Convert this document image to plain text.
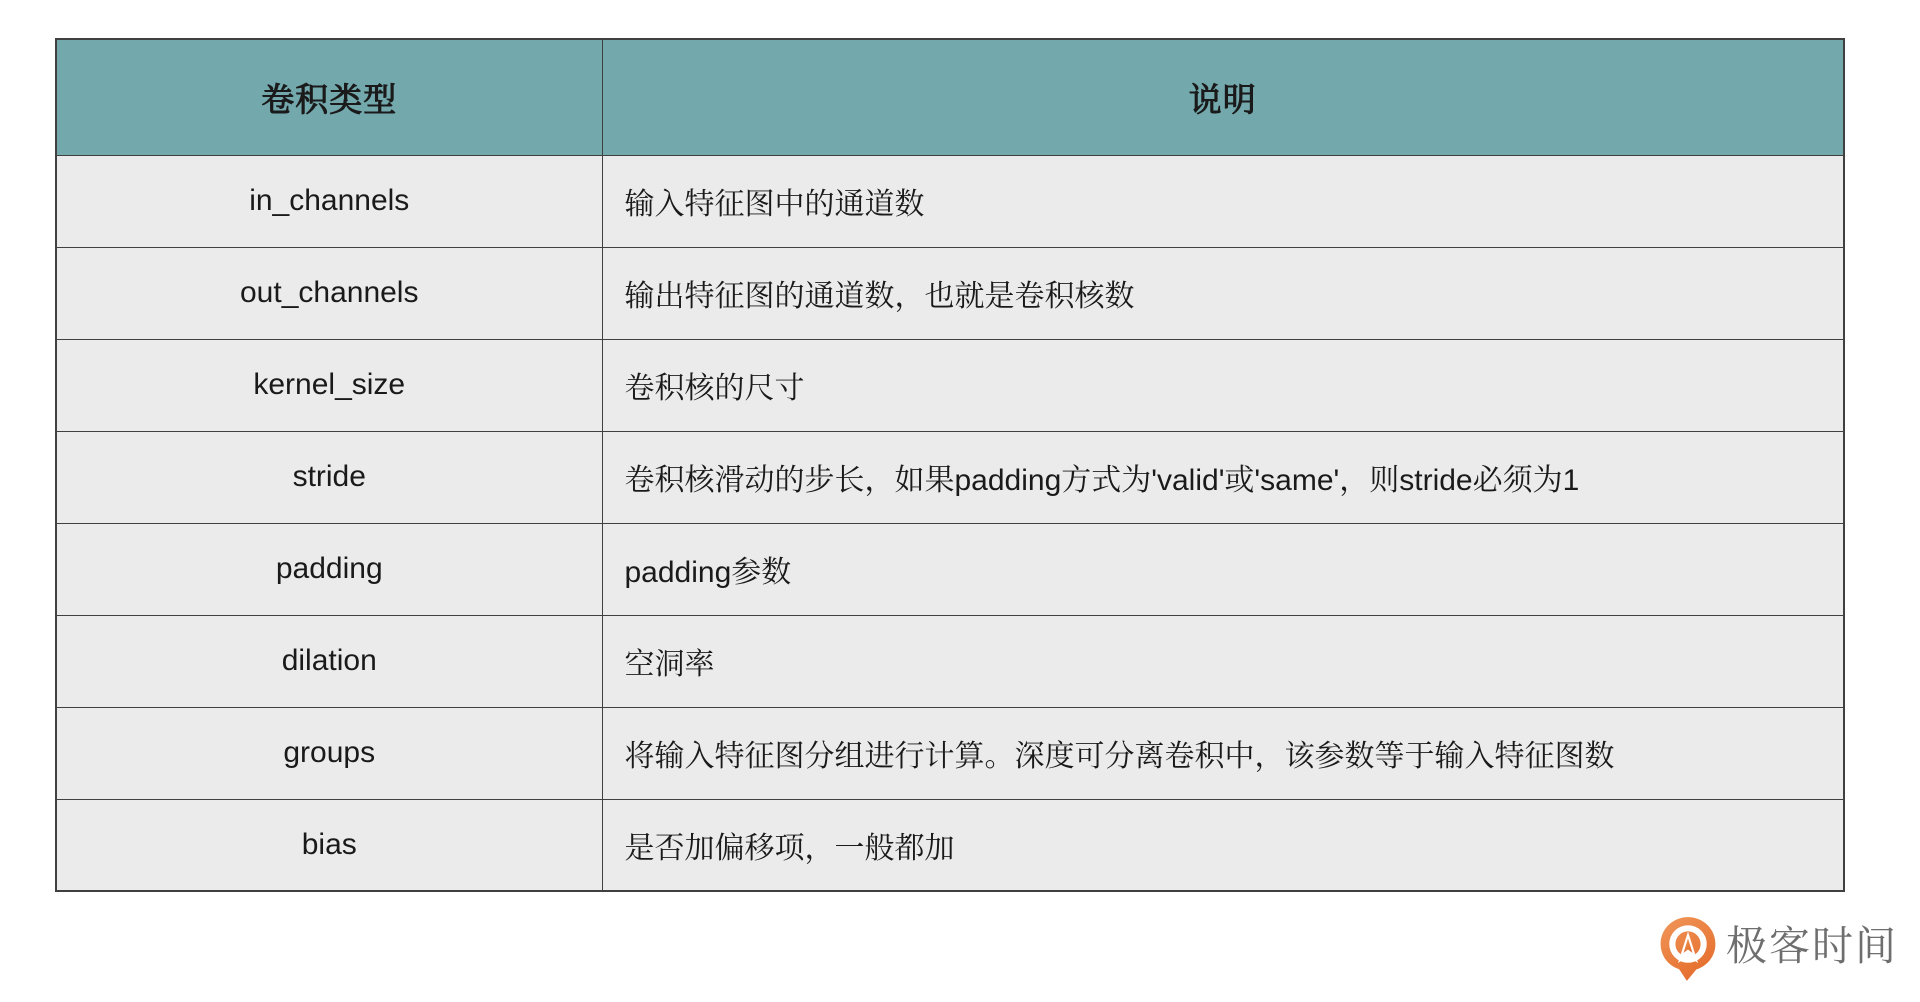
卷积类型	说明
in_channels	输入特征图中的通道数
out_channels	输出特征图的通道数，也就是卷积核数
kernel_size	卷积核的尺寸
stride	卷积核滑动的步长，如果padding方式为'valid'或'same'，则stride必须为1
padding	padding参数
dilation	空洞率
groups	将输入特征图分组进行计算。深度可分离卷积中，该参数等于输入特征图数
bias	是否加偏移项，一般都加
极客时间
